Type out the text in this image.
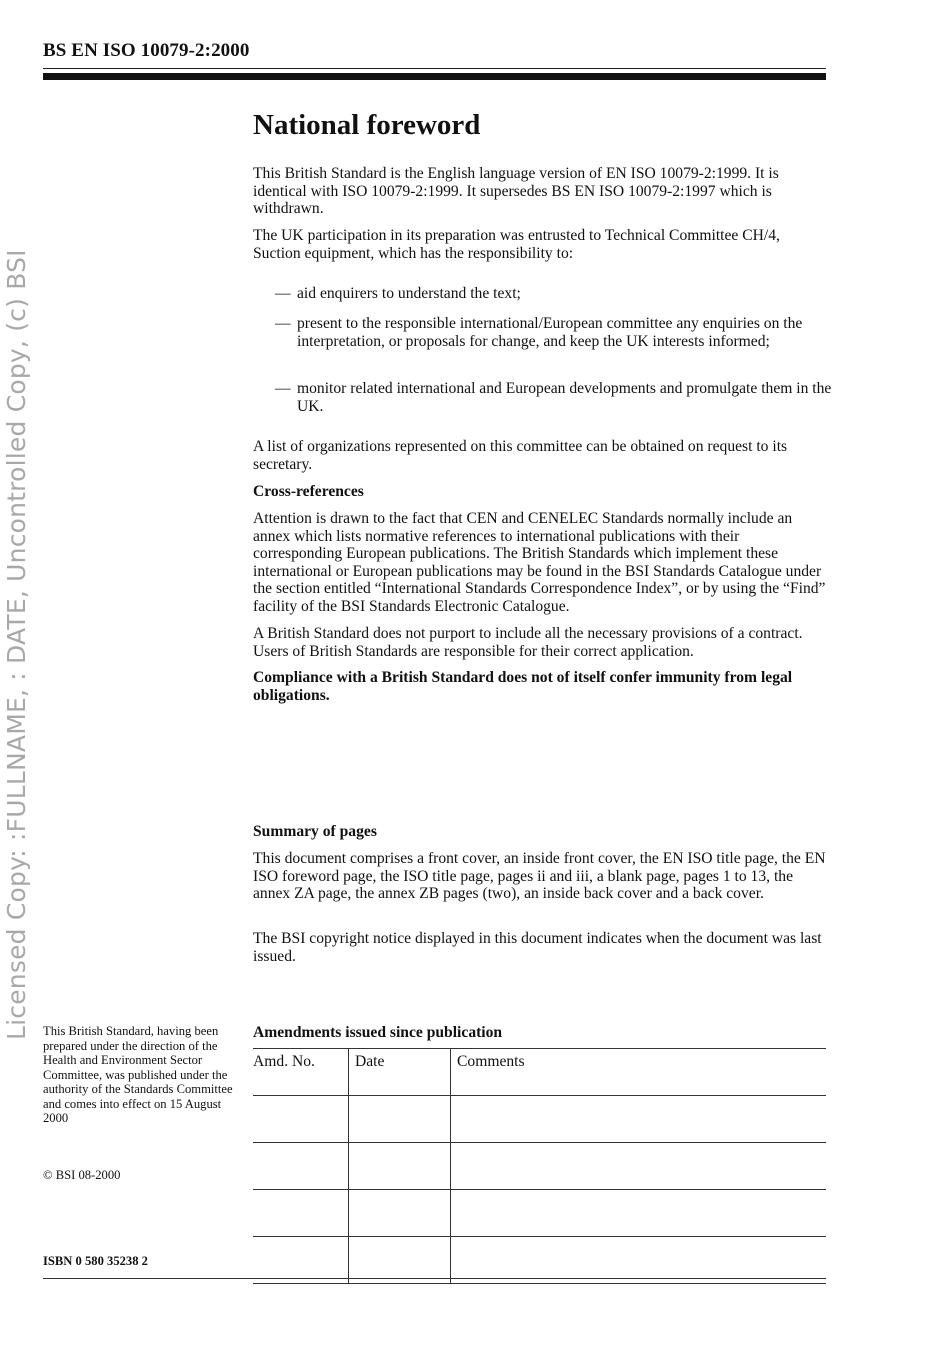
BS EN ISO 10079-2:2000
Licensed Copy: :FULLNAME, : DATE, Uncontrolled Copy, (c) BSI
National foreword

This British Standard is the English language version of EN ISO 10079-2:1999. It is identical with ISO 10079-2:1999. It supersedes BS EN ISO 10079-2:1997 which is withdrawn.

The UK participation in its preparation was entrusted to Technical Committee CH/4, Suction equipment, which has the responsibility to:

— aid enquirers to understand the text;
— present to the responsible international/European committee any enquiries on the interpretation, or proposals for change, and keep the UK interests informed;
— monitor related international and European developments and promulgate them in the UK.

A list of organizations represented on this committee can be obtained on request to its secretary.

Cross-references

Attention is drawn to the fact that CEN and CENELEC Standards normally include an annex which lists normative references to international publications with their corresponding European publications. The British Standards which implement these international or European publications may be found in the BSI Standards Catalogue under the section entitled “International Standards Correspondence Index”, or by using the “Find” facility of the BSI Standards Electronic Catalogue.

A British Standard does not purport to include all the necessary provisions of a contract. Users of British Standards are responsible for their correct application.

Compliance with a British Standard does not of itself confer immunity from legal obligations.

Summary of pages

This document comprises a front cover, an inside front cover, the EN ISO title page, the EN ISO foreword page, the ISO title page, pages ii and iii, a blank page, pages 1 to 13, the annex ZA page, the annex ZB pages (two), an inside back cover and a back cover.

The BSI copyright notice displayed in this document indicates when the document was last issued.

This British Standard, having been prepared under the direction of the Health and Environment Sector Committee, was published under the authority of the Standards Committee and comes into effect on 15 August 2000
© BSI 08-2000
ISBN 0 580 35238 2
Amendments issued since publication
Amd. No.	Date	Comments
